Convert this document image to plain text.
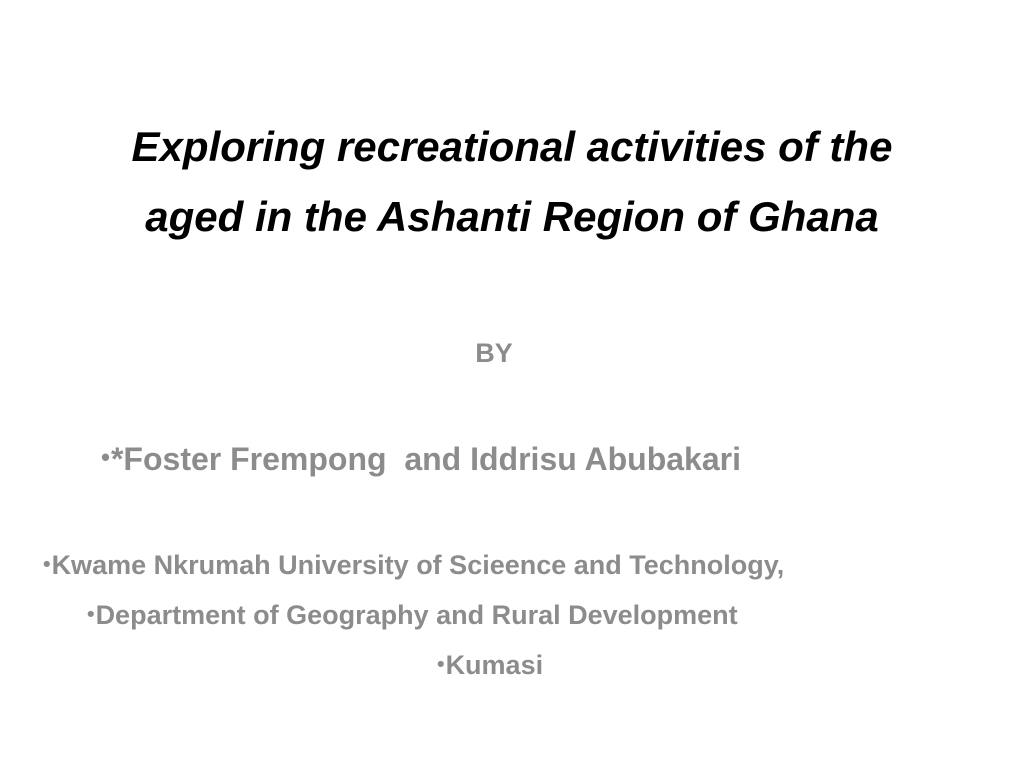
Exploring recreational activities of the
aged in the Ashanti Region of Ghana
BY
•*Foster Frempong  and Iddrisu Abubakari
•Kwame Nkrumah University of Scieence and Technology,
•Department of Geography and Rural Development
•Kumasi
